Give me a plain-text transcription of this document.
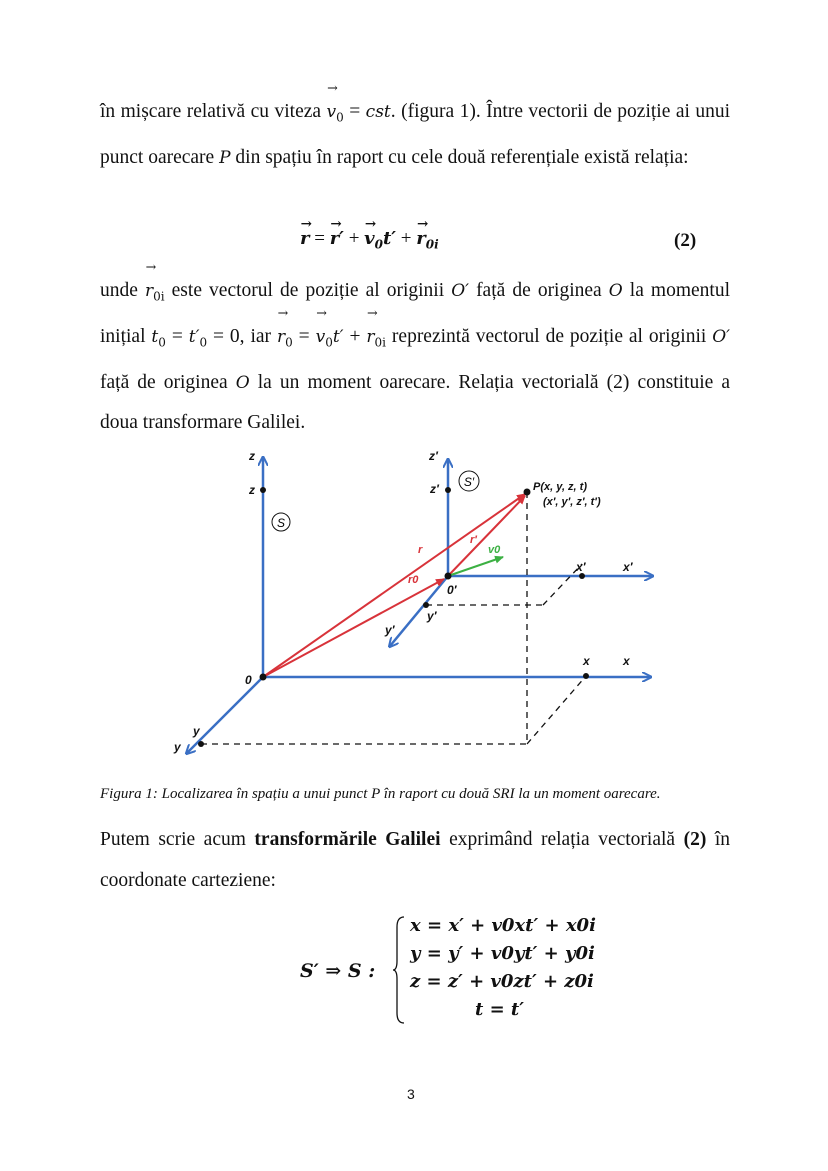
în mișcare relativă cu viteza → $v_0$ = cst. (figura 1). Între vectorii de poziție ai unui punct oarecare P din spațiu în raport cu cele două referențiale există relația:
→ r = → r′ + → $v_0t'$ + → $r_{0i}$	(2)
unde → $r_{0i}$ este vectorul de poziție al originii O′ față de originea O la momentul inițial $t_0 = t'_0 = 0$, iar → $r_0$ = → $v_0t'$ + → $r_{0i}$ reprezintă vectorul de poziție al originii O′ față de originea O la un moment oarecare. Relația vectorială (2) constituie a doua transformare Galilei.
S
S′
z
z
z′
z′
0
0′
x′	x′
y′
y′
x	x
y
y
P(x, y, z, t)
(x′, y′, z′, t′)
r
r′
r0
v0
Figura 1: Localizarea în spațiu a unui punct P în raport cu două SRI la un moment oarecare.
Putem scrie acum transformările Galilei exprimând relația vectorială (2) în coordonate carteziene:
S′ ⇒ S :
x = x′ + v0xt′ + x0i
y = y′ + v0yt′ + y0i
z = z′ + v0zt′ + z0i
t = t′
3
